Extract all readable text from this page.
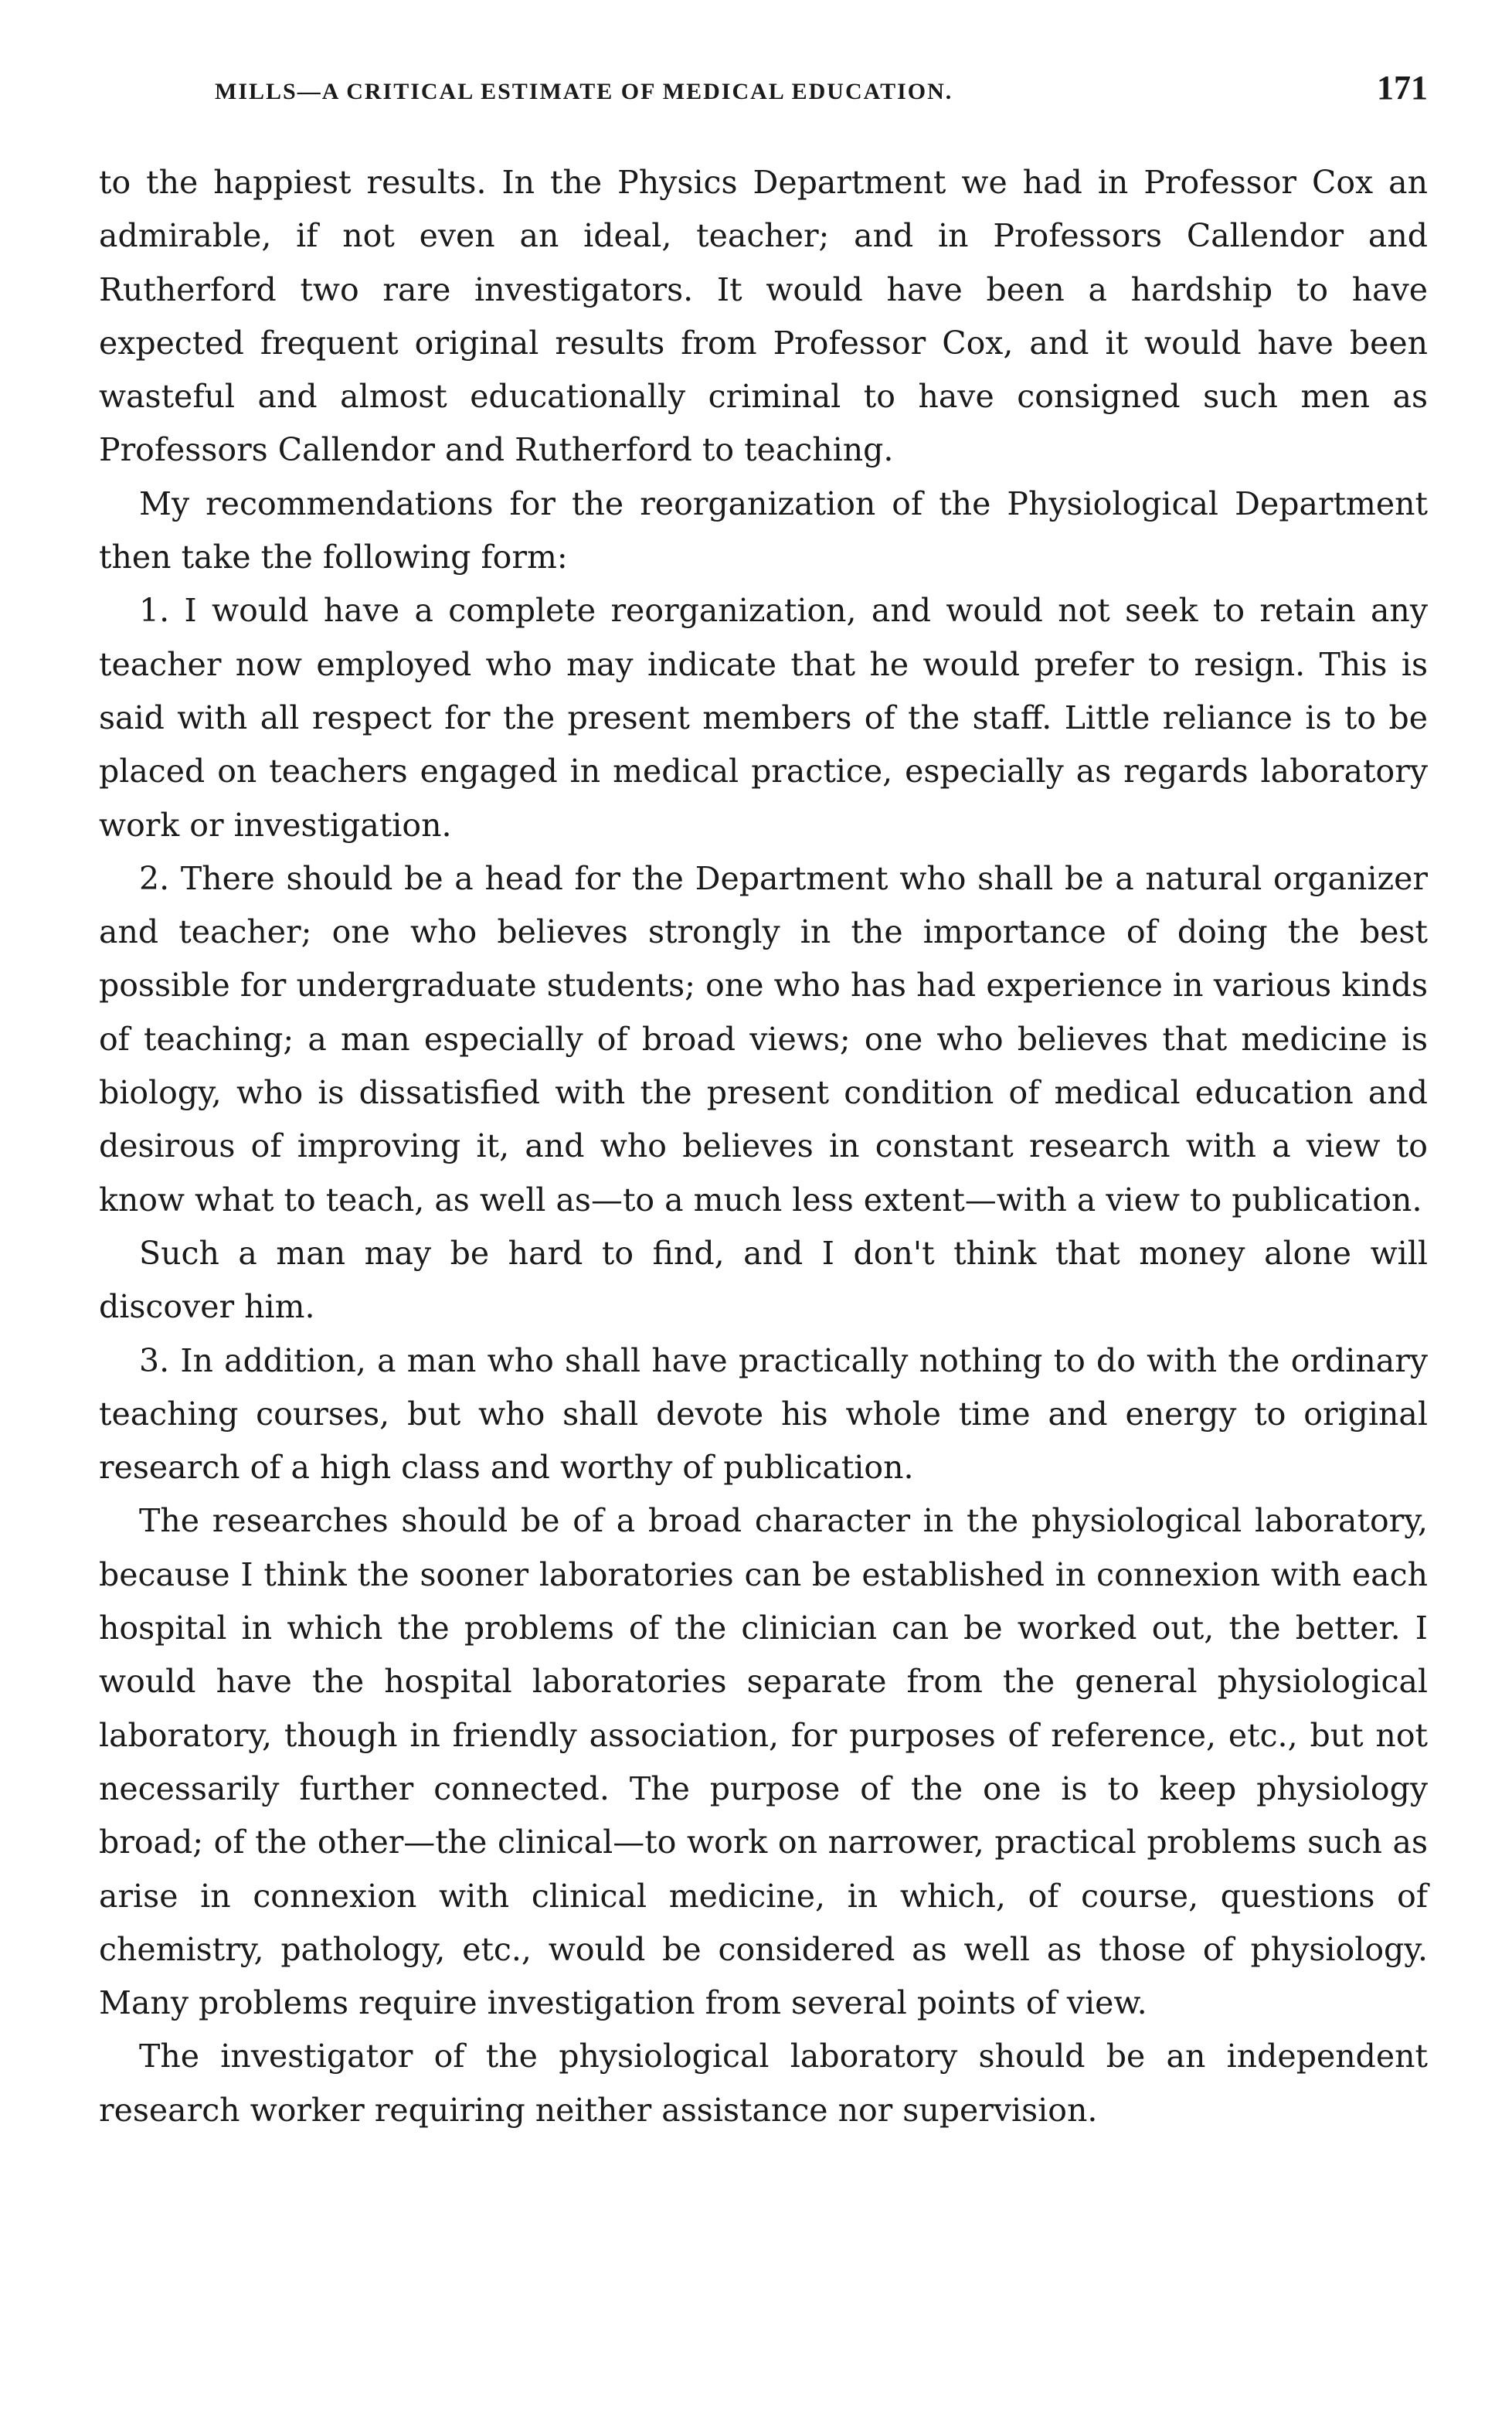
MILLS—A CRITICAL ESTIMATE OF MEDICAL EDUCATION.	171

to the happiest results. In the Physics Department we had in Professor Cox an admirable, if not even an ideal, teacher; and in Professors Callendor and Rutherford two rare investigators. It would have been a hardship to have expected frequent original results from Professor Cox, and it would have been wasteful and almost educationally criminal to have consigned such men as Professors Callendor and Rutherford to teaching.

My recommendations for the reorganization of the Physiological Department then take the following form:

1. I would have a complete reorganization, and would not seek to retain any teacher now employed who may indicate that he would prefer to resign. This is said with all respect for the present members of the staff. Little reliance is to be placed on teachers engaged in medical practice, especially as regards laboratory work or investigation.

2. There should be a head for the Department who shall be a natural organizer and teacher; one who believes strongly in the importance of doing the best possible for undergraduate students; one who has had experience in various kinds of teaching; a man especially of broad views; one who believes that medicine is biology, who is dissatisfied with the present condition of medical education and desirous of improving it, and who believes in constant research with a view to know what to teach, as well as—to a much less extent—with a view to publication.

Such a man may be hard to find, and I don't think that money alone will discover him.

3. In addition, a man who shall have practically nothing to do with the ordinary teaching courses, but who shall devote his whole time and energy to original research of a high class and worthy of publication.

The researches should be of a broad character in the physiological laboratory, because I think the sooner laboratories can be established in connexion with each hospital in which the problems of the clinician can be worked out, the better. I would have the hospital laboratories separate from the general physiological laboratory, though in friendly association, for purposes of reference, etc., but not necessarily further connected. The purpose of the one is to keep physiology broad; of the other—the clinical—to work on narrower, practical problems such as arise in connexion with clinical medicine, in which, of course, questions of chemistry, pathology, etc., would be considered as well as those of physiology. Many problems require investigation from several points of view.

The investigator of the physiological laboratory should be an independent research worker requiring neither assistance nor supervision.
